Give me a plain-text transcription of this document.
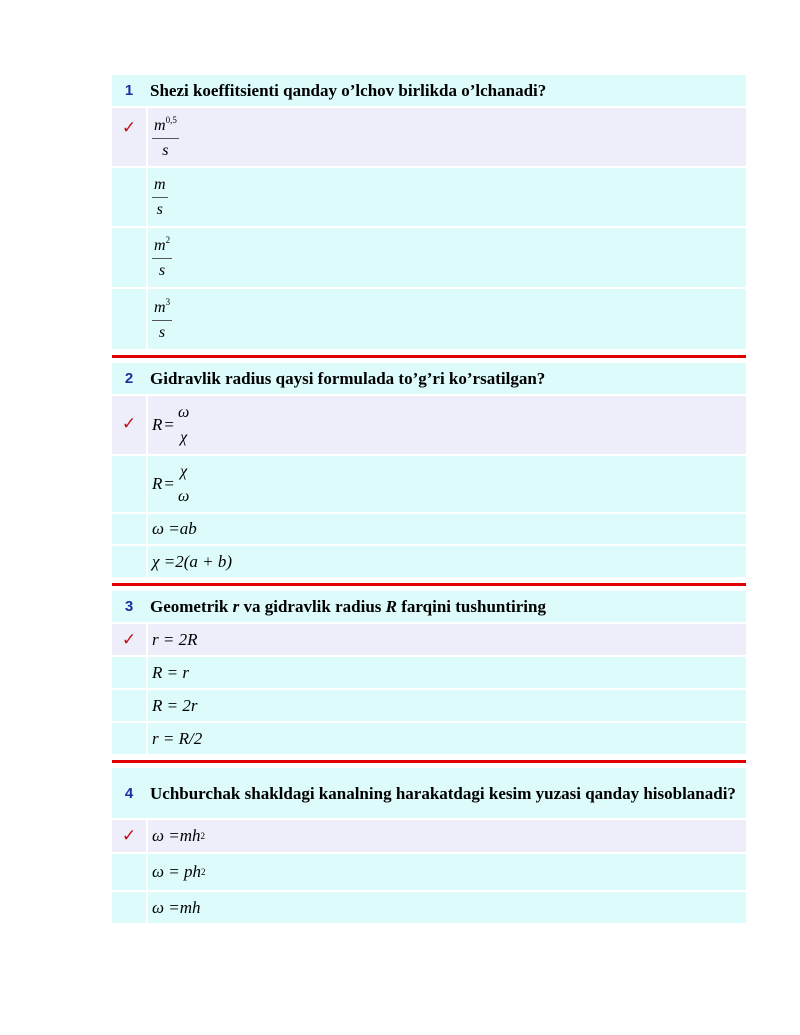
1 Shezi koeffitsienti qanday o’lchov birlikda o’lchanadi?
✓ $\frac{m^{0,5}}{s}$
$\frac{m}{s}$
$\frac{m^2}{s}$
$\frac{m^3}{s}$
2 Gidravlik radius qaysi formulada to’g’ri ko’rsatilgan?
✓ R =
ω
χ
R =
χ
ω
ω =ab
χ =2(a + b)
3 Geometrik r va gidravlik radius R farqini tushuntiring
✓ r = 2R
R = r
R = 2r
r = R/2
4 Uchburchak shakldagi kanalning harakatdagi kesim yuzasi qanday hisoblanadi?
✓ ω =mh 2
ω = ph 2
ω =mh
